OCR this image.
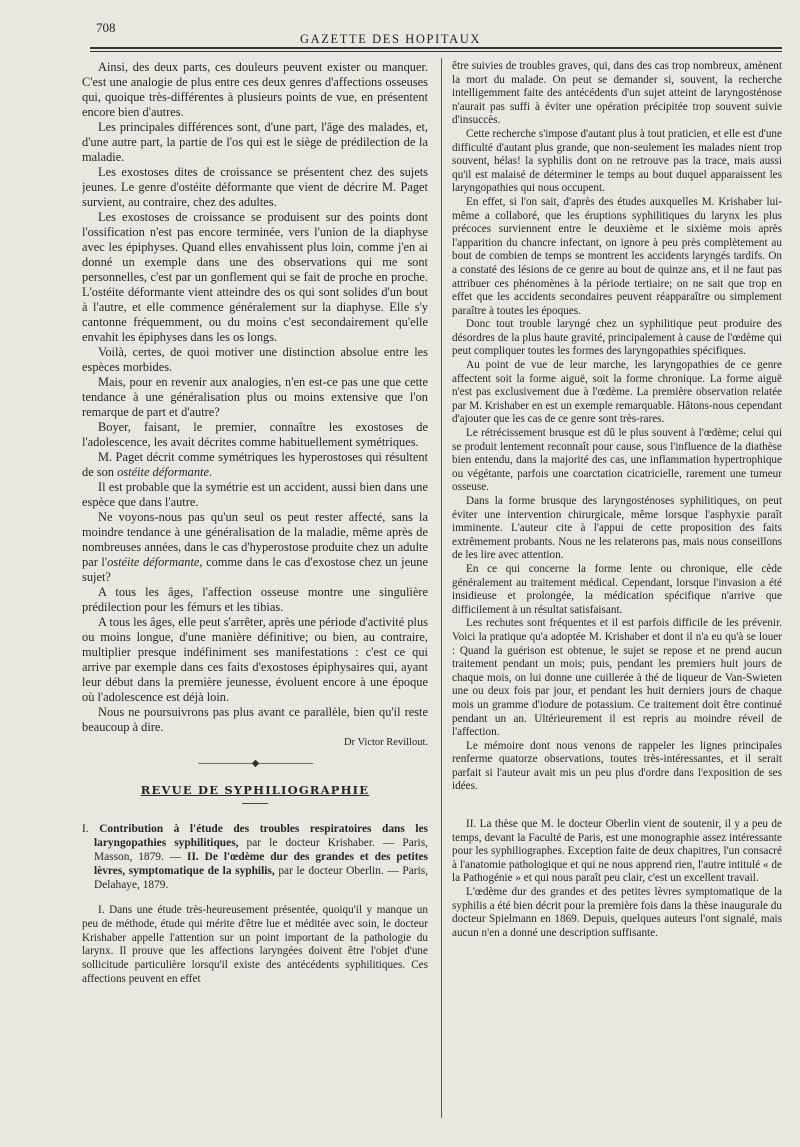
708
GAZETTE DES HOPITAUX

Ainsi, des deux parts, ces douleurs peuvent exister ou manquer. C'est une analogie de plus entre ces deux genres d'affections osseuses qui, quoique très-différentes à plusieurs points de vue, en présentent encore bien d'autres.

Les principales différences sont, d'une part, l'âge des malades, et, d'une autre part, la partie de l'os qui est le siège de prédilection de la maladie.

Les exostoses dites de croissance se présentent chez des sujets jeunes. Le genre d'ostéite déformante que vient de décrire M. Paget survient, au contraire, chez des adultes.

Les exostoses de croissance se produisent sur des points dont l'ossification n'est pas encore terminée, vers l'union de la diaphyse avec les épiphyses. Quand elles envahissent plus loin, comme j'en ai donné un exemple dans une des observations qui me sont personnelles, c'est par un gonflement qui se fait de proche en proche. L'ostéite déformante vient atteindre des os qui sont solides d'un bout à l'autre, et elle commence généralement sur la diaphyse. Elle s'y cantonne fréquemment, ou du moins c'est secondairement qu'elle envahit les épiphyses dans les os longs.

Voilà, certes, de quoi motiver une distinction absolue entre les espèces morbides.

Mais, pour en revenir aux analogies, n'en est-ce pas une que cette tendance à une généralisation plus ou moins extensive que l'on remarque de part et d'autre?

Boyer, faisant, le premier, connaître les exostoses de l'adolescence, les avait décrites comme habituellement symétriques.

M. Paget décrit comme symétriques les hyperostoses qui résultent de son ostéite déformante.

Il est probable que la symétrie est un accident, aussi bien dans une espèce que dans l'autre.

Ne voyons-nous pas qu'un seul os peut rester affecté, sans la moindre tendance à une généralisation de la maladie, même après de nombreuses années, dans le cas d'hyperostose produite chez un adulte par l'ostéite déformante, comme dans le cas d'exostose chez un jeune sujet?

A tous les âges, l'affection osseuse montre une singulière prédilection pour les fémurs et les tibias.

A tous les âges, elle peut s'arrêter, après une période d'activité plus ou moins longue, d'une manière définitive; ou bien, au contraire, multiplier presque indéfiniment ses manifestations : c'est ce qui arrive par exemple dans ces faits d'exostoses épiphysaires qui, ayant leur début dans la première jeunesse, évoluent encore à une époque où l'adolescence est déjà loin.

Nous ne poursuivrons pas plus avant ce parallèle, bien qu'il reste beaucoup à dire.

Dr Victor Revillout.

——————◆——————
REVUE DE SYPHILIOGRAPHIE

I. Contribution à l'étude des troubles respiratoires dans les laryngopathies syphilitiques, par le docteur Krishaber. — Paris, Masson, 1879. — II. De l'œdème dur des grandes et des petites lèvres, symptomatique de la syphilis, par le docteur Oberlin. — Paris, Delahaye, 1879.

I. Dans une étude très-heureusement présentée, quoiqu'il y manque un peu de méthode, étude qui mérite d'être lue et méditée avec soin, le docteur Krishaber appelle l'attention sur un point important de la pathologie du larynx. Il prouve que les affections laryngées doivent être l'objet d'une sollicitude particulière lorsqu'il existe des antécédents syphilitiques. Ces affections peuvent en effet

être suivies de troubles graves, qui, dans des cas trop nombreux, amènent la mort du malade. On peut se demander si, souvent, la recherche intelligemment faite des antécédents d'un sujet atteint de laryngosténose n'aurait pas suffi à éviter une opération précipitée trop souvent suivie d'insuccès.

Cette recherche s'impose d'autant plus à tout praticien, et elle est d'une difficulté d'autant plus grande, que non-seulement les malades nient trop souvent, hélas! la syphilis dont on ne retrouve pas la trace, mais aussi qu'il est malaisé de déterminer le temps au bout duquel apparaissent les laryngopathies qui nous occupent.

En effet, si l'on sait, d'après des études auxquelles M. Krishaber lui-même a collaboré, que les éruptions syphilitiques du larynx les plus précoces surviennent entre le deuxième et le sixième mois après l'apparition du chancre infectant, on ignore à peu près complètement au bout de combien de temps se montrent les accidents laryngés tardifs. On a constaté des lésions de ce genre au bout de quinze ans, et il ne faut pas attribuer ces phénomènes à la période tertiaire; on ne sait que trop en effet que les accidents secondaires peuvent réapparaître ou simplement paraître à toutes les époques.

Donc tout trouble laryngé chez un syphilitique peut produire des désordres de la plus haute gravité, principalement à cause de l'œdème qui peut compliquer toutes les formes des laryngopathies spécifiques.

Au point de vue de leur marche, les laryngopathies de ce genre affectent soit la forme aiguë, soit la forme chronique. La forme aiguë n'est pas exclusivement due à l'œdème. La première observation relatée par M. Krishaber en est un exemple remarquable. Hâtons-nous cependant d'ajouter que les cas de ce genre sont très-rares.

Le rétrécissement brusque est dû le plus souvent à l'œdème; celui qui se produit lentement reconnaît pour cause, sous l'influence de la diathèse bien entendu, dans la majorité des cas, une inflammation hypertrophique ou végétante, parfois une coarctation cicatricielle, rarement une tumeur osseuse.

Dans la forme brusque des laryngosténoses syphilitiques, on peut éviter une intervention chirurgicale, même lorsque l'asphyxie paraît imminente. L'auteur cite à l'appui de cette proposition des faits extrêmement probants. Nous ne les relaterons pas, mais nous conseillons de les lire avec attention.

En ce qui concerne la forme lente ou chronique, elle cède généralement au traitement médical. Cependant, lorsque l'invasion a été insidieuse et prolongée, la médication spécifique n'arrive que difficilement à un résultat satisfaisant.

Les rechutes sont fréquentes et il est parfois difficile de les prévenir. Voici la pratique qu'a adoptée M. Krishaber et dont il n'a eu qu'à se louer : Quand la guérison est obtenue, le sujet se repose et ne prend aucun traitement pendant un mois; puis, pendant les premiers huit jours de chaque mois, on lui donne une cuillerée à thé de liqueur de Van-Swieten une ou deux fois par jour, et pendant les huit derniers jours de chaque mois un gramme d'iodure de potassium. Ce traitement doit être continué pendant un an. Ultérieurement il est repris au moindre réveil de l'affection.

Le mémoire dont nous venons de rappeler les lignes principales renferme quatorze observations, toutes très-intéressantes, et il serait parfait si l'auteur avait mis un peu plus d'ordre dans l'exposition de ses idées.

II. La thèse que M. le docteur Oberlin vient de soutenir, il y a peu de temps, devant la Faculté de Paris, est une monographie assez intéressante pour les syphiliographes. Exception faite de deux chapitres, l'un consacré à l'anatomie pathologique et qui ne nous apprend rien, l'autre intitulé « de la Pathogénie » et qui nous paraît peu clair, c'est un excellent travail.

L'œdème dur des grandes et des petites lèvres symptomatique de la syphilis a été bien décrit pour la première fois dans la thèse inaugurale du docteur Spielmann en 1869. Depuis, quelques auteurs l'ont signalé, mais aucun n'en a donné une description suffisante.
